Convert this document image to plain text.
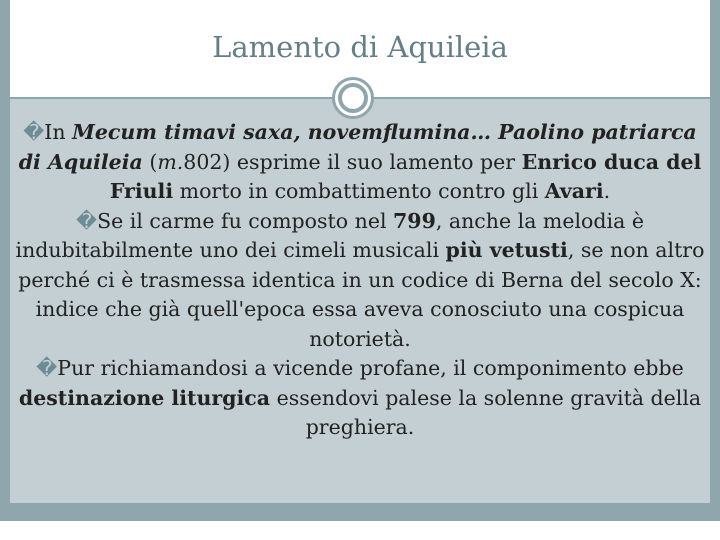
Lamento di Aquileia

�In Mecum timavi saxa, novemflumina… Paolino patriarca di Aquileia (m.802) esprime il suo lamento per Enrico duca del Friuli morto in combattimento contro gli Avari.

�Se il carme fu composto nel 799, anche la melodia è indubitabilmente uno dei cimeli musicali più vetusti, se non altro perché ci è trasmessa identica in un codice di Berna del secolo X: indice che già quell'epoca essa aveva conosciuto una cospicua notorietà.

�Pur richiamandosi a vicende profane, il componimento ebbe destinazione liturgica essendovi palese la solenne gravità della preghiera.
